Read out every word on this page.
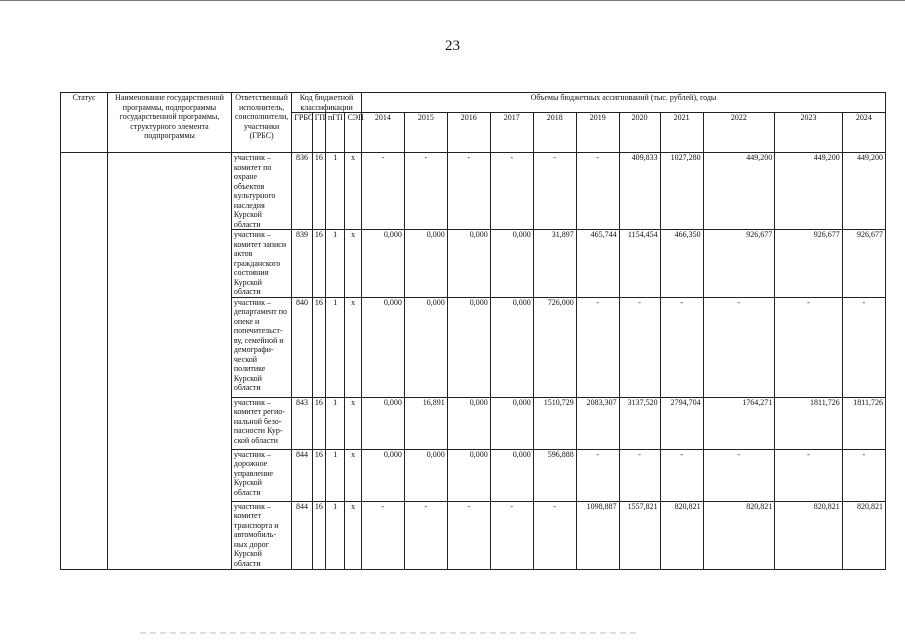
23
Статус	Наименование государственной программы, подпрограммы государственной программы, структурного элемента подпрограммы	Ответственный исполнитель, соисполнители, участники (ГРБС)	Код бюджетной классификации				Объемы бюджетных ассигнований (тыс. рублей), годы										
			ГРБС	ГП	пГП	СЭП	2014	2015	2016	2017	2018	2019	2020	2021	2022	2023	2024
		участник – комитет по охране объектов культурного наследия Курской области	836	16	1	х	-	-	-	-	-	-	409,833	1027,280	449,200	449,200	449,200
		участник – комитет записи актов гражданского состояния Курской области	839	16	1	х	0,000	0,000	0,000	0,000	31,897	465,744	1154,454	466,350	926,677	926,677	926,677
		участник – департамент по опеке и попечительст-ву, семейной и демографи-ческой политике Курской области	840	16	1	х	0,000	0,000	0,000	0,000	726,000	-	-	-	-	-	-
		участник – комитет регио-нальной безо-пасности Кур-ской области	843	16	1	х	0,000	16,891	0,000	0,000	1510,729	2083,307	3137,520	2794,704	1764,271	1811,726	1811,726
		участник – дорожное управление Курской области	844	16	1	х	0,000	0,000	0,000	0,000	596,888	-	-	-	-	-	-
		участник – комитет транспорта и автомобиль-ных дорог Курской области	844	16	1	х	-	-	-	-	-	1098,887	1557,821	820,821	820,821	820,821	820,821
